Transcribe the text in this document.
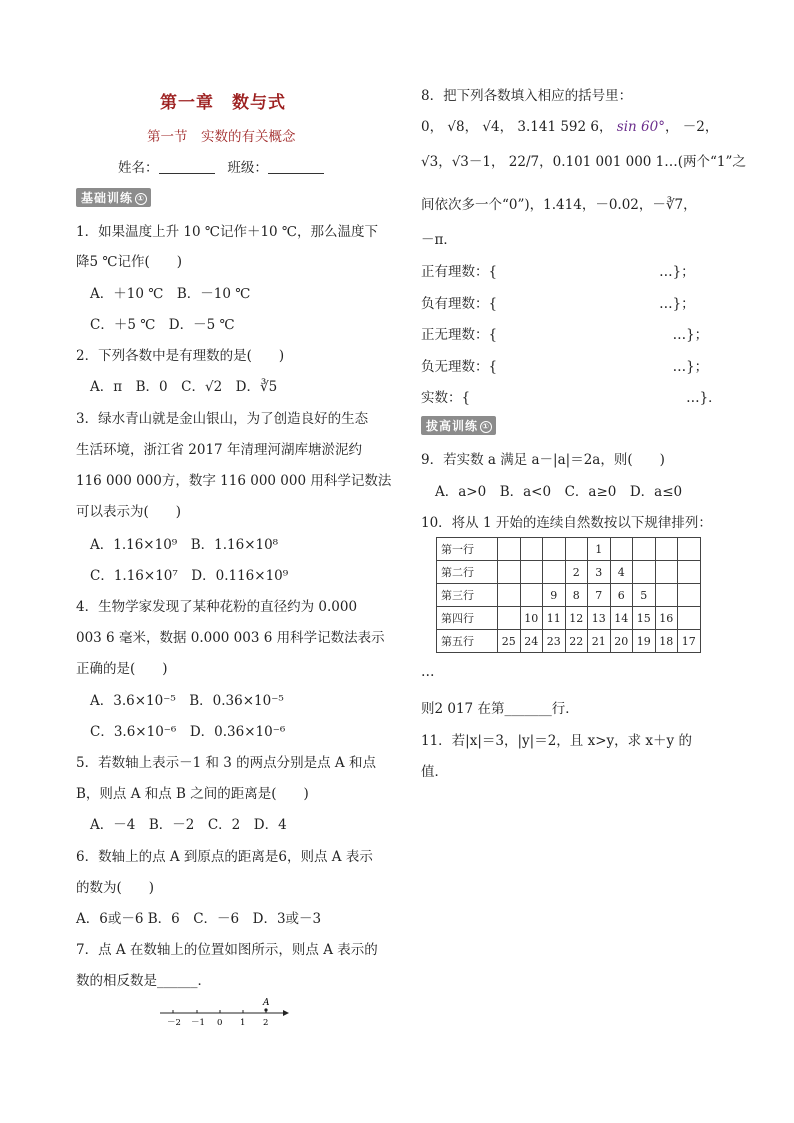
第一章　数与式
第一节　实数的有关概念
姓名：	班级：
基础训练 ①
1．如果温度上升 10 ℃记作＋10 ℃，那么温度下
降5 ℃记作(　　)
A．＋10 ℃　B．－10 ℃
C．＋5 ℃　D．－5 ℃
2．下列各数中是有理数的是(　　)
A．π　B．0　C．√2　D．∛5
3．绿水青山就是金山银山，为了创造良好的生态
生活环境，浙江省 2017 年清理河湖库塘淤泥约
116 000 000方，数字 116 000 000 用科学记数法
可以表示为(　　)
A．1.16×10⁹　B．1.16×10⁸
C．1.16×10⁷　D．0.116×10⁹
4．生物学家发现了某种花粉的直径约为 0.000
003 6 毫米，数据 0.000 003 6 用科学记数法表示
正确的是(　　)
A．3.6×10⁻⁵　B．0.36×10⁻⁵
C．3.6×10⁻⁶　D．0.36×10⁻⁶
5．若数轴上表示－1 和 3 的两点分别是点 A 和点
B，则点 A 和点 B 之间的距离是(　　)
A．－4　B．－2　C．2　D．4
6．数轴上的点 A 到原点的距离是6，则点 A 表示
的数为(　　)
A．6或－6 B．6　C．－6　D．3或－3
7．点 A 在数轴上的位置如图所示，则点 A 表示的
数的相反数是______．
A
－2 －1 0 1 2
8．把下列各数填入相应的括号里：
0， √8， √4， 3.141 592 6， sin 60°， －2，
√3，√3－1， 22/7，0.101 001 000 1…(两个“1”之
间依次多一个“0”)，1.414，－0.02，－∛7，
－π．
正有理数：{　　　　　　　　　　　　…}；
负有理数：{　　　　　　　　　　　　…}；
正无理数：{　　　　　　　　　　　　　…}；
负无理数：{　　　　　　　　　　　　　…}；
实数：{　　　　　　　　　　　　　　　　…}．
拔高训练 ①
9．若实数 a 满足 a－|a|＝2a，则(　　)
A．a>0　B．a<0　C．a≥0　D．a≤0
10．将从 1 开始的连续自然数按以下规律排列：
第一行					1				
第二行				2	3	4			
第三行			9	8	7	6	5		
第四行		10	11	12	13	14	15	16	
第五行	25	24	23	22	21	20	19	18	17
…
则2 017 在第_______行．
11．若|x|＝3，|y|＝2，且 x>y，求 x＋y 的
值．
